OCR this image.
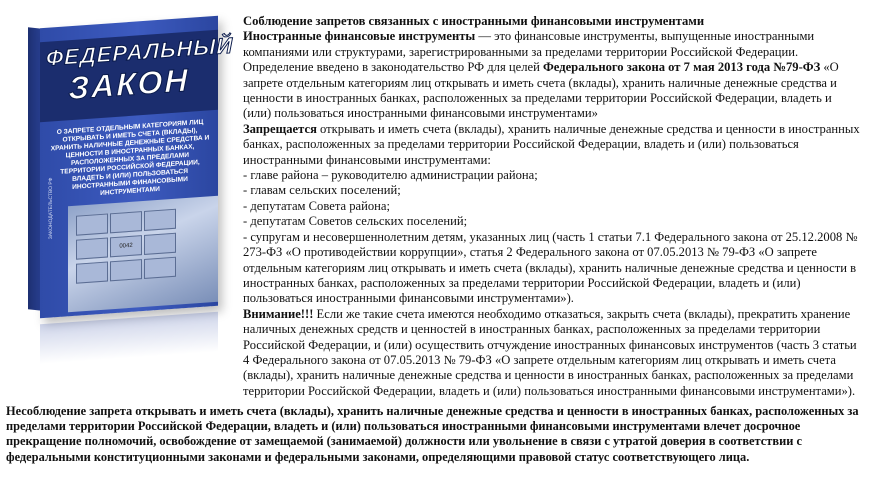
ФЕДЕРАЛЬНЫЙ
ЗАКОН
О ЗАПРЕТЕ ОТДЕЛЬНЫМ КАТЕГОРИЯМ ЛИЦ ОТКРЫВАТЬ И ИМЕТЬ СЧЕТА (ВКЛАДЫ), ХРАНИТЬ НАЛИЧНЫЕ ДЕНЕЖНЫЕ СРЕДСТВА И ЦЕННОСТИ В ИНОСТРАННЫХ БАНКАХ, РАСПОЛОЖЕННЫХ ЗА ПРЕДЕЛАМИ ТЕРРИТОРИИ РОССИЙСКОЙ ФЕДЕРАЦИИ, ВЛАДЕТЬ И (ИЛИ) ПОЛЬЗОВАТЬСЯ ИНОСТРАННЫМИ ФИНАНСОВЫМИ ИНСТРУМЕНТАМИ
ЗАКОНОДАТЕЛЬСТВО РФ
0042

Соблюдение запретов связанных с иностранными финансовыми инструментами

Иностранные финансовые инструменты — это финансовые инструменты, выпущенные иностранными компаниями или структурами, зарегистрированными за пределами территории Российской Федерации. Определение введено в законодательство РФ для целей Федерального закона от 7 мая 2013 года №79-ФЗ «О запрете отдельным категориям лиц открывать и иметь счета (вклады), хранить наличные денежные средства и ценности в иностранных банках, расположенных за пределами территории Российской Федерации, владеть и (или) пользоваться иностранными финансовыми инструментами»

Запрещается открывать и иметь счета (вклады), хранить наличные денежные средства и ценности в иностранных банках, расположенных за пределами территории Российской Федерации, владеть и (или) пользоваться иностранными финансовыми инструментами:

- главе района – руководителю администрации района;

- главам сельских поселений;

- депутатам Совета района;

- депутатам Советов сельских поселений;

- супругам и несовершеннолетним детям, указанных лиц (часть 1 статьи 7.1 Федерального закона от 25.12.2008 № 273-ФЗ «О противодействии коррупции», статья 2 Федерального закона от 07.05.2013 № 79-ФЗ «О запрете отдельным категориям лиц открывать и иметь счета (вклады), хранить наличные денежные средства и ценности в иностранных банках, расположенных за пределами территории Российской Федерации, владеть и (или) пользоваться иностранными финансовыми инструментами»).

Внимание!!! Если же такие счета имеются необходимо отказаться, закрыть счета (вклады), прекратить хранение наличных денежных средств и ценностей в иностранных банках, расположенных за пределами территории Российской Федерации, и (или) осуществить отчуждение иностранных финансовых инструментов (часть 3 статьи 4 Федерального закона от 07.05.2013 № 79-ФЗ «О запрете отдельным категориям лиц открывать и иметь счета (вклады), хранить наличные денежные средства и ценности в иностранных банках, расположенных за пределами территории Российской Федерации, владеть и (или) пользоваться иностранными финансовыми инструментами»).

Несоблюдение запрета открывать и иметь счета (вклады), хранить наличные денежные средства и ценности в иностранных банках, расположенных за пределами территории Российской Федерации, владеть и (или) пользоваться иностранными финансовыми инструментами влечет досрочное прекращение полномочий, освобождение от замещаемой (занимаемой) должности или увольнение в связи с утратой доверия в соответствии с федеральными конституционными законами и федеральными законами, определяющими правовой статус соответствующего лица.
